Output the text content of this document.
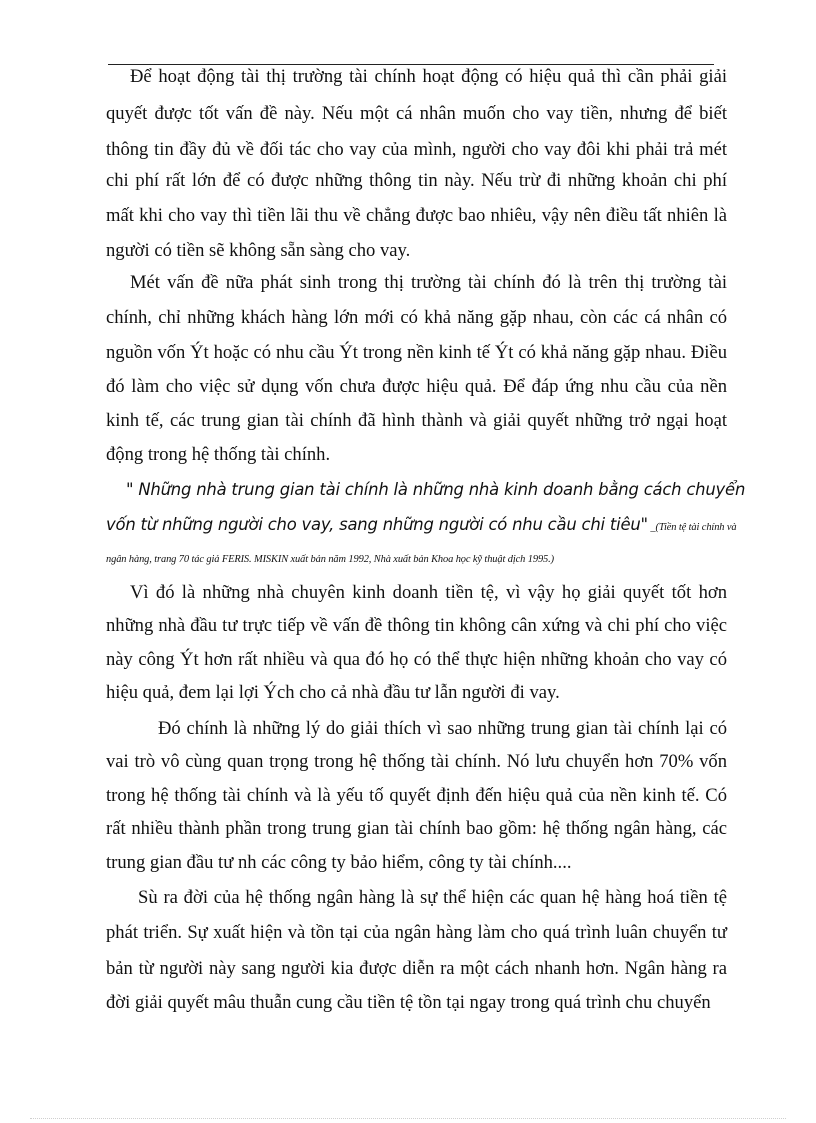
Để hoạt động tài thị trường tài chính hoạt động có hiệu quả thì cần phải giải
quyết được tốt vấn đề này. Nếu một cá nhân muốn cho vay tiền, nhưng để biết
thông tin đầy đủ về đối tác cho vay của mình, người cho vay đôi khi phải trả mét
chi phí rất lớn để có được những thông tin này. Nếu trừ đi những khoản chi phí
mất khi cho vay thì tiền lãi thu về chẳng được bao nhiêu, vậy nên điều tất nhiên là
người có tiền sẽ không sẵn sàng cho vay.
Mét vấn đề nữa phát sinh trong thị trường tài chính đó là trên thị trường tài
chính, chỉ những khách hàng lớn mới có khả năng gặp nhau, còn các cá nhân có
nguồn vốn Ýt hoặc có nhu cầu Ýt trong nền kinh tế Ýt có khả năng gặp nhau. Điều
đó làm cho việc sử dụng vốn chưa được hiệu quả. Để đáp ứng nhu cầu của nền
kinh tế, các trung gian tài chính đã hình thành và giải quyết những trở ngại hoạt
động trong hệ thống tài chính.
" Những nhà trung gian tài chính là những nhà kinh doanh bằng cách chuyển
vốn từ những người cho vay, sang những người có nhu cầu chi tiêu" _(Tiền tệ tài chính và
ngân hàng, trang 70 tác giả FERIS. MISKIN xuất bản năm 1992, Nhà xuất bản Khoa học kỹ thuật dịch 1995.)
Vì đó là những nhà chuyên kinh doanh tiền tệ, vì vậy họ giải quyết tốt hơn
những nhà đầu tư trực tiếp về vấn đề thông tin không cân xứng và chi phí cho việc
này công Ýt hơn rất nhiều và qua đó họ có thể thực hiện những khoản cho vay có
hiệu quả, đem lại lợi Ých cho cả nhà đầu tư lẫn người đi vay.
Đó chính là những lý do giải thích vì sao những trung gian tài chính lại có
vai trò vô cùng quan trọng trong hệ thống tài chính. Nó lưu chuyển hơn 70% vốn
trong hệ thống tài chính và là yếu tố quyết định đến hiệu quả của nền kinh tế. Có
rất nhiều thành phần trong trung gian tài chính bao gồm: hệ thống ngân hàng, các
trung gian đầu tư nh các công ty bảo hiểm, công ty tài chính....
Sù ra đời của hệ thống ngân hàng là sự thể hiện các quan hệ hàng hoá tiền tệ
phát triển. Sự xuất hiện và tồn tại của ngân hàng làm cho quá trình luân chuyển tư
bản từ người này sang người kia được diễn ra một cách nhanh hơn. Ngân hàng ra
đời giải quyết mâu thuẫn cung cầu tiền tệ tồn tại ngay trong quá trình chu chuyển
